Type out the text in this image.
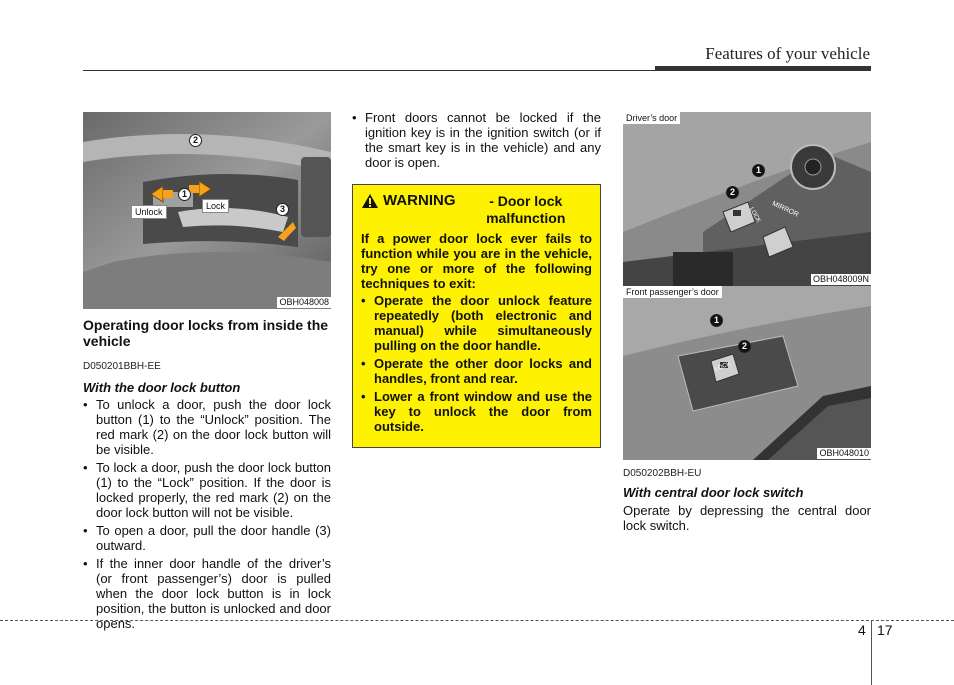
Features of your vehicle
1
2
3
Unlock
Lock
OBH048008
Operating door locks from inside the vehicle
D050201BBH-EE
With the door lock button
• To unlock a door, push the door lock button (1) to the “Unlock” position. The red mark (2) on the door lock button will be visible.
• To lock a door, push the door lock button (1) to the “Lock” position. If the door is locked properly, the red mark (2) on the door lock button will not be visible.
• To open a door, pull the door handle (3) outward.
• If the inner door handle of the driver’s (or front passenger’s) door is pulled when the door lock button is in lock position, the button is unlocked and door opens.
• Front doors cannot be locked if the ignition key is in the ignition switch (or if the smart key is in the vehicle) and any door is open.
WARNING	- Door lock malfunction

If a power door lock ever fails to function while you are in the vehicle, try one or more of the following techniques to exit:

• Operate the door unlock feature repeatedly (both electronic and manual) while simultaneously pulling on the door handle.
• Operate the other door locks and handles, front and rear.
• Lower a front window and use the key to unlock the door from outside.
Driver’s door
1
2
MIRROR
LOCK
OBH048009N
Front passenger’s door
1
2
LOCK
OBH048010
D050202BBH-EU
With central door lock switch
Operate by depressing the central door lock switch.
4 17
